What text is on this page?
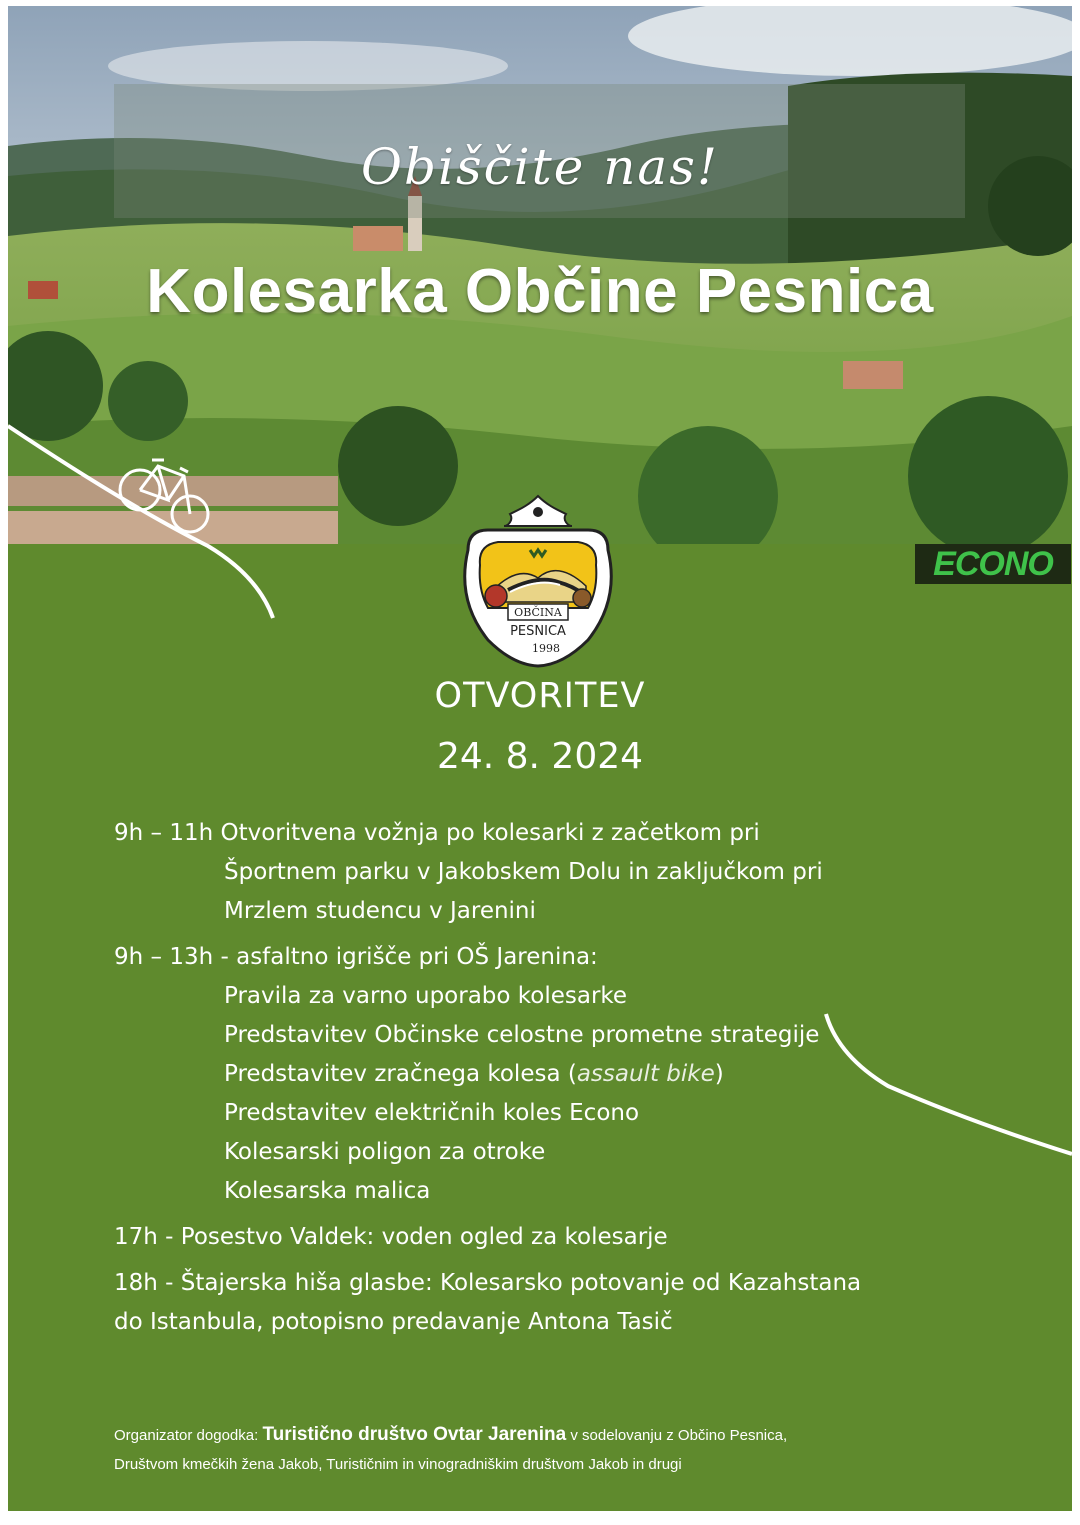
Obiščite nas!
Kolesarka Občine Pesnica
ECONO
OBČINA
PESNICA
1998
OTVORITEV
24. 8. 2024
9h – 11h Otvoritvena vožnja po kolesarki z začetkom pri
Športnem parku v Jakobskem Dolu in zaključkom pri
Mrzlem studencu v Jarenini
9h – 13h - asfaltno igrišče pri OŠ Jarenina:
Pravila za varno uporabo kolesarke
Predstavitev Občinske celostne prometne strategije
Predstavitev zračnega kolesa (assault bike)
Predstavitev električnih koles Econo
Kolesarski poligon za otroke
Kolesarska malica
17h - Posestvo Valdek: voden ogled za kolesarje
18h - Štajerska hiša glasbe: Kolesarsko potovanje od Kazahstana
do Istanbula, potopisno predavanje Antona Tasič
Organizator dogodka: Turistično društvo Ovtar Jarenina v sodelovanju z Občino Pesnica,
Društvom kmečkih žena Jakob, Turističnim in vinogradniškim društvom Jakob in drugi
